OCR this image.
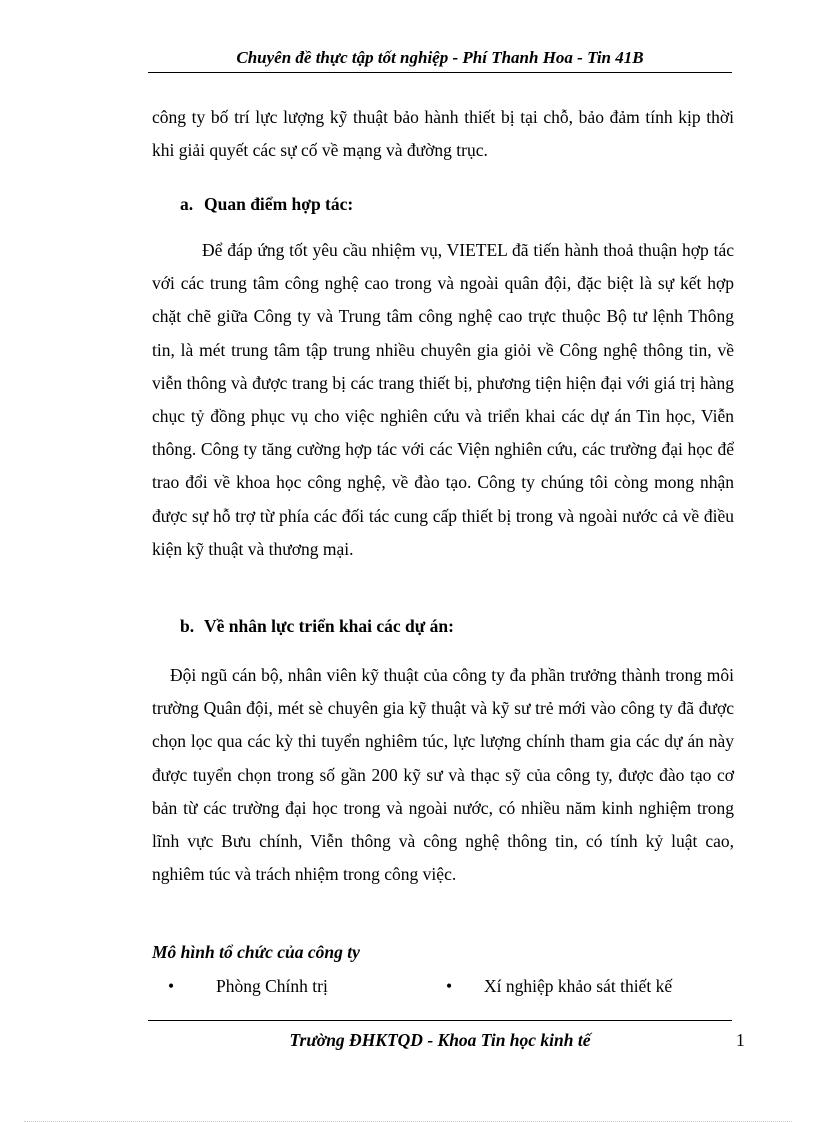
Chuyên đề thực tập tốt nghiệp - Phí Thanh Hoa - Tin 41B

công ty bố trí lực lượng kỹ thuật bảo hành thiết bị tại chỗ, bảo đảm tính kịp thời khi giải quyết các sự cố về mạng và đường trục.

a. Quan điểm hợp tác:

Để đáp ứng tốt yêu cầu nhiệm vụ, VIETEL đã tiến hành thoả thuận hợp tác với các trung tâm công nghệ cao trong và ngoài quân đội, đặc biệt là sự kết hợp chặt chẽ giữa Công ty và Trung tâm công nghệ cao trực thuộc Bộ tư lệnh Thông tin, là mét trung tâm tập trung nhiều chuyên gia giỏi về Công nghệ thông tin, về viễn thông và được trang bị các trang thiết bị, phương tiện hiện đại với giá trị hàng chục tỷ đồng phục vụ cho việc nghiên cứu và triển khai các dự án Tin học, Viễn thông. Công ty tăng cường hợp tác với các Viện nghiên cứu, các trường đại học để trao đổi về khoa học công nghệ, về đào tạo. Công ty chúng tôi còng mong nhận được sự hỗ trợ từ phía các đối tác cung cấp thiết bị trong và ngoài nước cả về điều kiện kỹ thuật và thương mại.

b. Về nhân lực triển khai các dự án:

Đội ngũ cán bộ, nhân viên kỹ thuật của công ty đa phần trưởng thành trong môi trường Quân đội, mét sè chuyên gia kỹ thuật và kỹ sư trẻ mới vào công ty đã được chọn lọc qua các kỳ thi tuyển nghiêm túc, lực lượng chính tham gia các dự án này được tuyển chọn trong số gần 200 kỹ sư và thạc sỹ của công ty, được đào tạo cơ bản từ các trường đại học trong và ngoài nước, có nhiều năm kinh nghiệm trong lĩnh vực Bưu chính, Viễn thông và công nghệ thông tin, có tính kỷ luật cao, nghiêm túc và trách nhiệm trong công việc.

Mô hình tổ chức của công ty
• Phòng Chính trị	• Xí nghiệp khảo sát thiết kế
Trường ĐHKTQD - Khoa Tin học kinh tế	1
